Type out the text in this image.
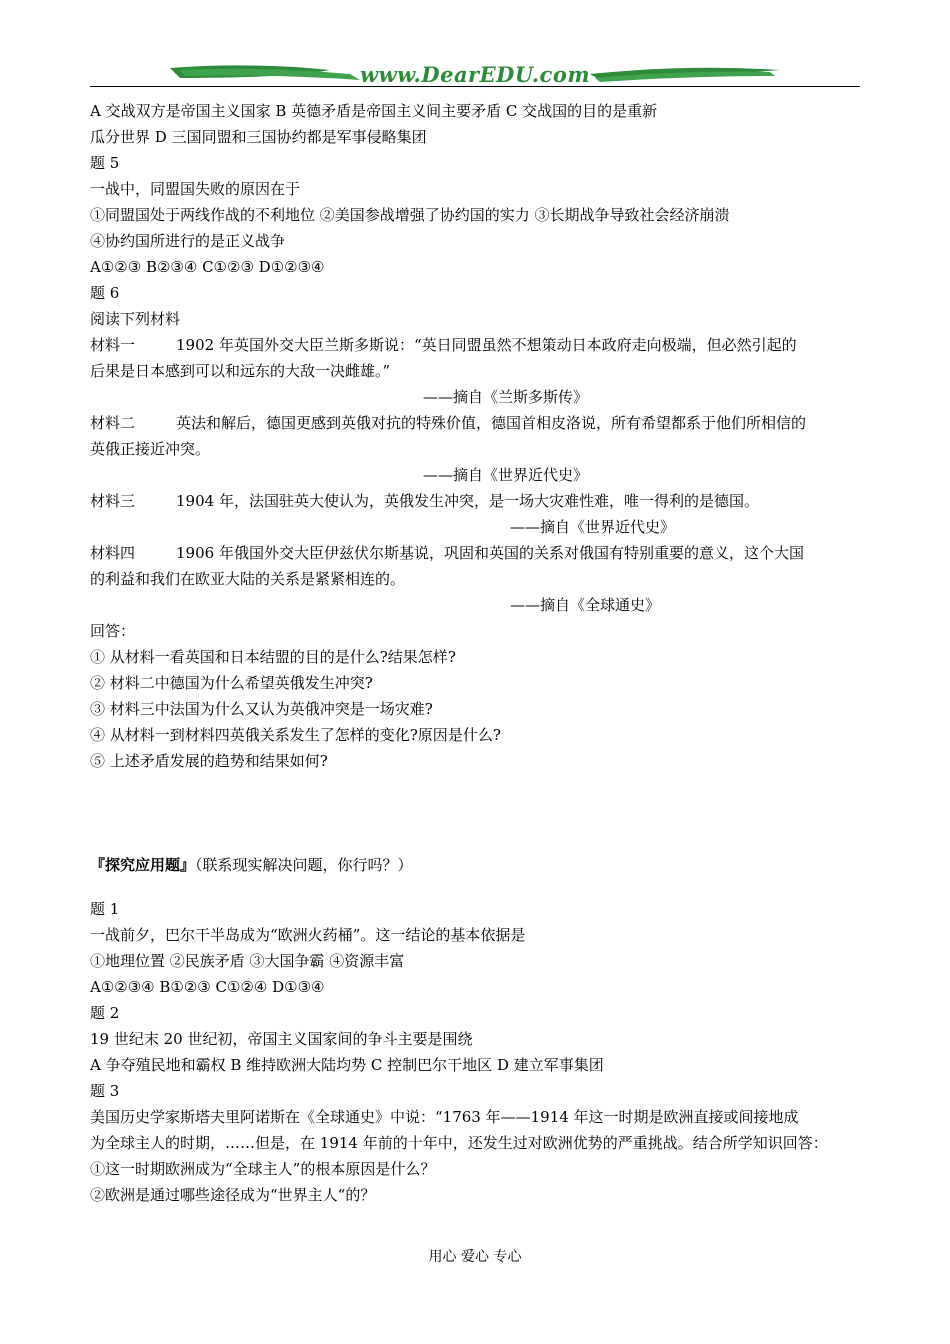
www.DearEDU.com
A 交战双方是帝国主义国家 B 英德矛盾是帝国主义间主要矛盾 C 交战国的目的是重新
瓜分世界 D 三国同盟和三国协约都是军事侵略集团
题 5
一战中，同盟国失败的原因在于
①同盟国处于两线作战的不利地位 ②美国参战增强了协约国的实力 ③长期战争导致社会经济崩溃
④协约国所进行的是正义战争
A①②③ B②③④ C①②③ D①②③④
题 6
阅读下列材料
材料一	1902 年英国外交大臣兰斯多斯说：“英日同盟虽然不想策动日本政府走向极端，但必然引起的
后果是日本感到可以和远东的大敌一决雌雄。”
——摘自《兰斯多斯传》
材料二	英法和解后，德国更感到英俄对抗的特殊价值，德国首相皮洛说，所有希望都系于他们所相信的
英俄正接近冲突。
——摘自《世界近代史》
材料三	1904 年，法国驻英大使认为，英俄发生冲突，是一场大灾难性难，唯一得利的是德国。
——摘自《世界近代史》
材料四	1906 年俄国外交大臣伊兹伏尔斯基说，巩固和英国的关系对俄国有特别重要的意义，这个大国
的利益和我们在欧亚大陆的关系是紧紧相连的。
——摘自《全球通史》
回答：
① 从材料一看英国和日本结盟的目的是什么?结果怎样?
② 材料二中德国为什么希望英俄发生冲突?
③ 材料三中法国为什么又认为英俄冲突是一场灾难?
④ 从材料一到材料四英俄关系发生了怎样的变化?原因是什么?
⑤ 上述矛盾发展的趋势和结果如何?
『探究应用题』（联系现实解决问题，你行吗？）
题 1
一战前夕，巴尔干半岛成为“欧洲火药桶”。这一结论的基本依据是
①地理位置 ②民族矛盾 ③大国争霸 ④资源丰富
A①②③④ B①②③ C①②④ D①③④
题 2
19 世纪末 20 世纪初，帝国主义国家间的争斗主要是围绕
A 争夺殖民地和霸权 B 维持欧洲大陆均势 C 控制巴尔干地区 D 建立军事集团
题 3
美国历史学家斯塔夫里阿诺斯在《全球通史》中说：“1763 年——1914 年这一时期是欧洲直接或间接地成
为全球主人的时期，……但是，在 1914 年前的十年中，还发生过对欧洲优势的严重挑战。结合所学知识回答：
①这一时期欧洲成为“全球主人”的根本原因是什么？
②欧洲是通过哪些途径成为“世界主人“的？
用心 爱心 专心
